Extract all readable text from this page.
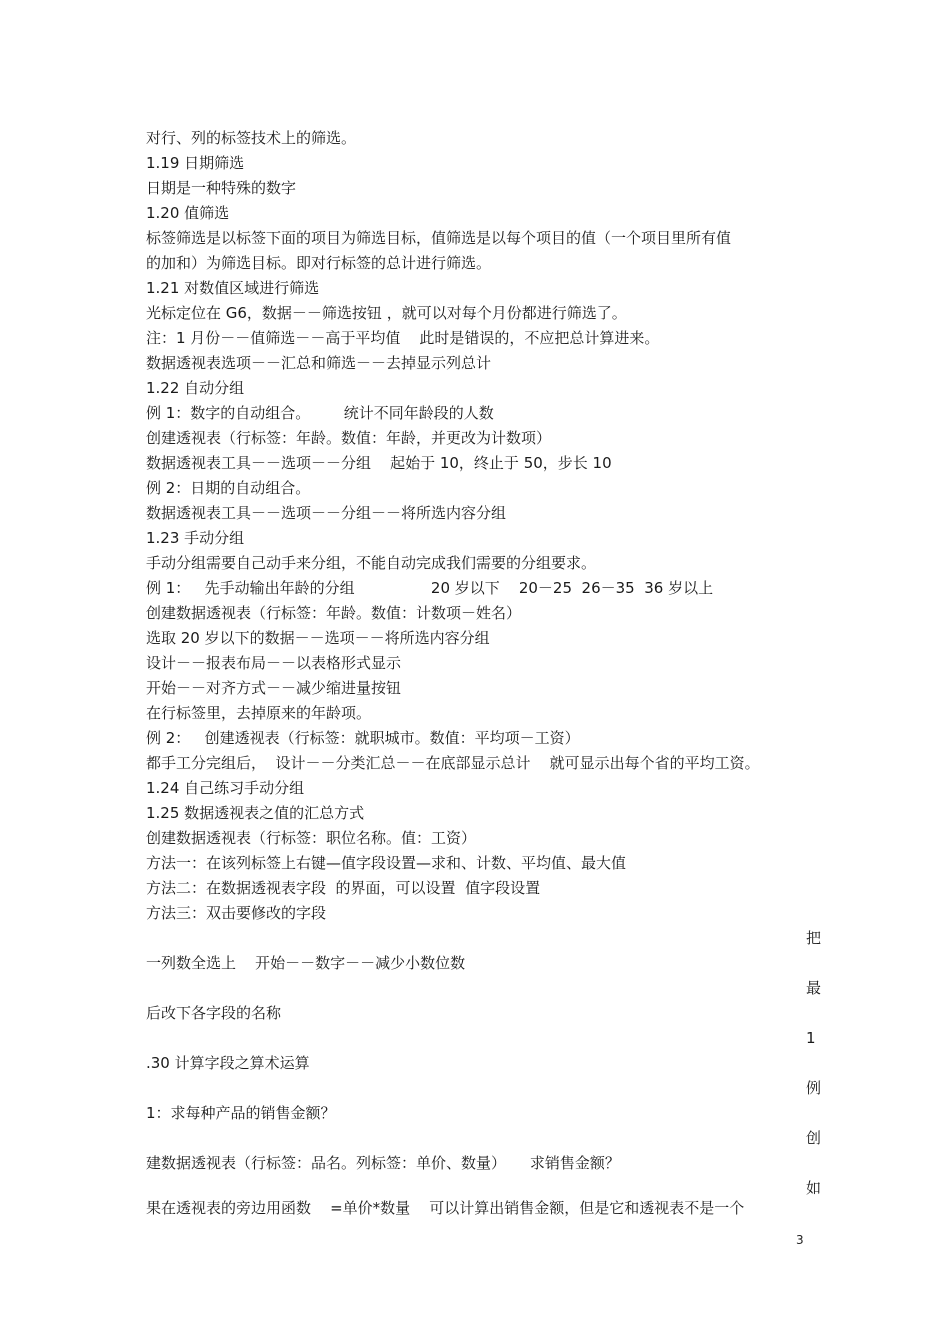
对行、列的标签技术上的筛选。
1.19 日期筛选
日期是一种特殊的数字
1.20 值筛选
标签筛选是以标签下面的项目为筛选目标，值筛选是以每个项目的值（一个项目里所有值
的加和）为筛选目标。即对行标签的总计进行筛选。
1.21 对数值区域进行筛选
光标定位在 G6，数据－－筛选按钮 ，就可以对每个月份都进行筛选了。
注：1 月份－－值筛选－－高于平均值    此时是错误的，不应把总计算进来。
数据透视表选项－－汇总和筛选－－去掉显示列总计
1.22 自动分组
例 1：数字的自动组合。       统计不同年龄段的人数
创建透视表（行标签：年龄。数值：年龄，并更改为计数项）
数据透视表工具－－选项－－分组    起始于 10，终止于 50，步长 10
例 2：日期的自动组合。
数据透视表工具－－选项－－分组－－将所选内容分组
1.23 手动分组
手动分组需要自己动手来分组，不能自动完成我们需要的分组要求。
例 1：   先手动输出年龄的分组                20 岁以下    20－25  26－35  36 岁以上
创建数据透视表（行标签：年龄。数值：计数项－姓名）
选取 20 岁以下的数据－－选项－－将所选内容分组
设计－－报表布局－－以表格形式显示
开始－－对齐方式－－减少缩进量按钮
在行标签里，去掉原来的年龄项。
例 2：   创建透视表（行标签：就职城市。数值：平均项－工资）
都手工分完组后，  设计－－分类汇总－－在底部显示总计    就可显示出每个省的平均工资。
1.24 自己练习手动分组
1.25 数据透视表之值的汇总方式
创建数据透视表（行标签：职位名称。值：工资）
方法一：在该列标签上右键—值字段设置—求和、计数、平均值、最大值
方法二：在数据透视表字段  的界面，可以设置  值字段设置
方法三：双击要修改的字段
把
一列数全选上    开始－－数字－－减少小数位数
最
后改下各字段的名称
1
.30 计算字段之算术运算
例
1：求每种产品的销售金额？
创
建数据透视表（行标签：品名。列标签：单价、数量）     求销售金额？
如
果在透视表的旁边用函数    =单价*数量    可以计算出销售金额，但是它和透视表不是一个
3
